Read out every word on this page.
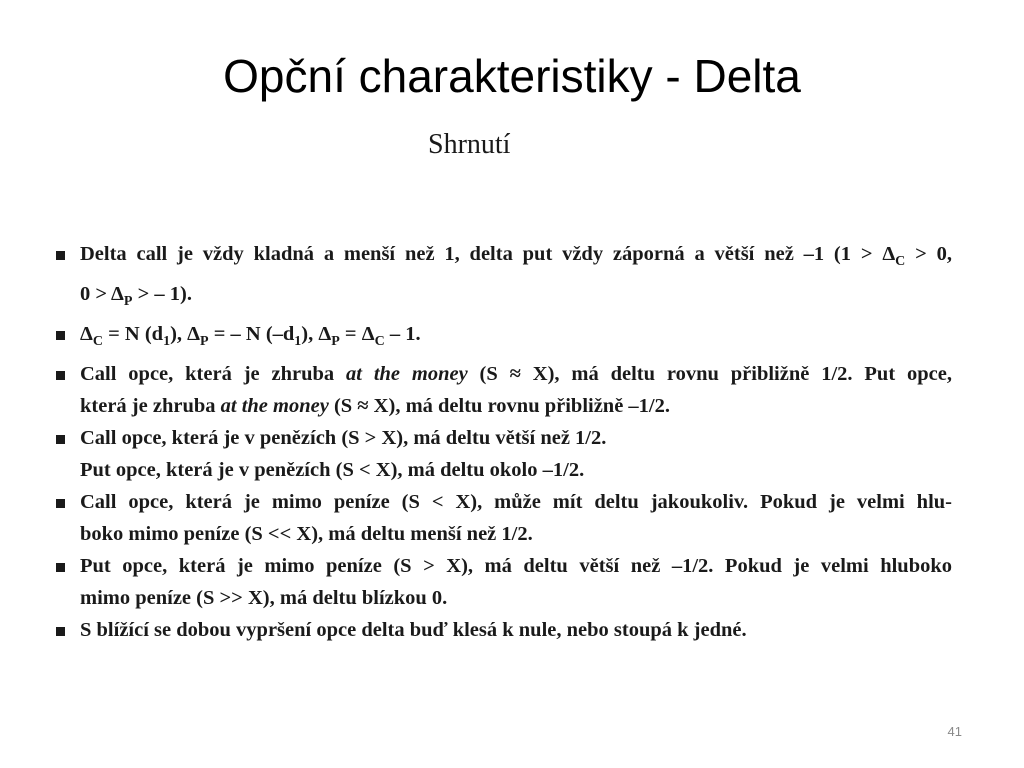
Opční charakteristiky - Delta
Shrnutí
Delta call je vždy kladná a menší než 1, delta put vždy záporná a větší než –1 ($1 > \Delta_C > 0$,
$0 > \Delta_P$ > – 1).
$\Delta_C = N$ $(d_1)$, $\Delta_P$ = – N $(-d_1)$, $\Delta_P = \Delta_C - 1$.
Call opce, která je zhruba at the money (S ≈ X), má deltu rovnu přibližně 1/2. Put opce,
která je zhruba at the money (S ≈ X), má deltu rovnu přibližně –1/2.
Call opce, která je v penězích (S > X), má deltu větší než 1/2.
Put opce, která je v penězích (S < X), má deltu okolo –1/2.
Call opce, která je mimo peníze (S < X), může mít deltu jakoukoliv. Pokud je velmi hlu-
boko mimo peníze (S << X), má deltu menší než 1/2.
Put opce, která je mimo peníze (S > X), má deltu větší než –1/2. Pokud je velmi hluboko
mimo peníze (S >> X), má deltu blízkou 0.
S blížící se dobou vypršení opce delta buď klesá k nule, nebo stoupá k jedné.
41
